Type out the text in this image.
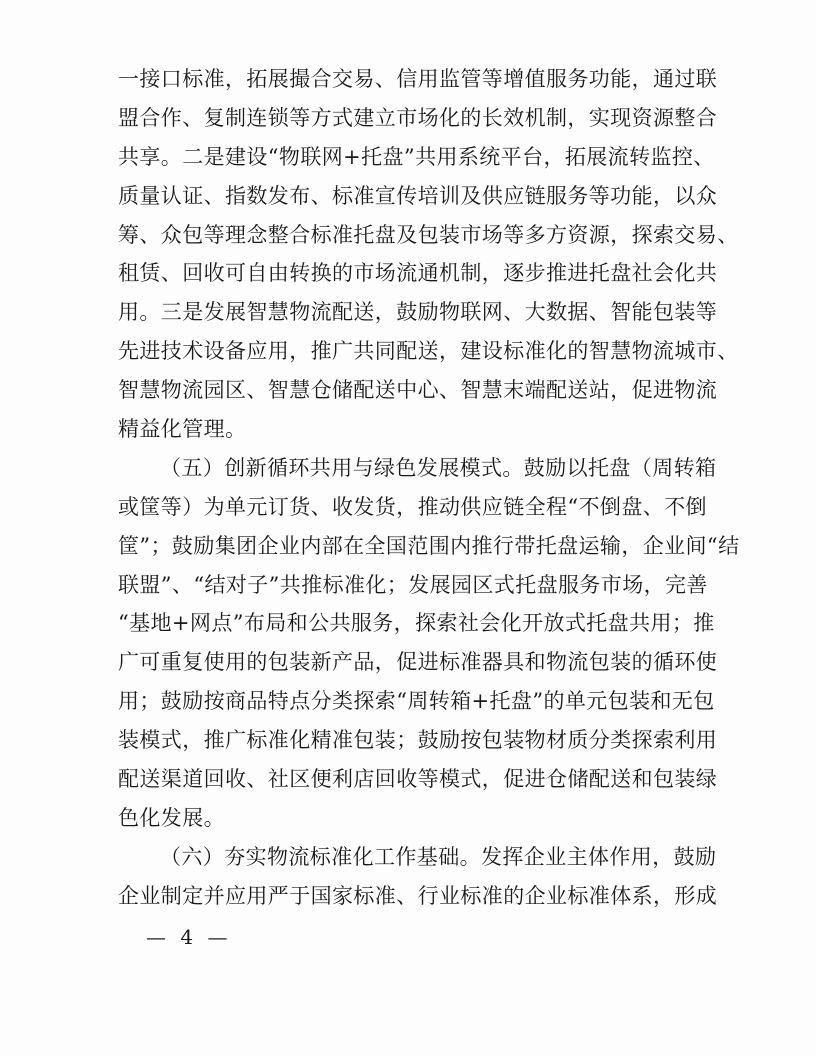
一接口标准，拓展撮合交易、信用监管等增值服务功能，通过联
盟合作、复制连锁等方式建立市场化的长效机制，实现资源整合
共享。二是建设“物联网+托盘”共用系统平台，拓展流转监控、
质量认证、指数发布、标准宣传培训及供应链服务等功能，以众
筹、众包等理念整合标准托盘及包装市场等多方资源，探索交易、
租赁、回收可自由转换的市场流通机制，逐步推进托盘社会化共
用。三是发展智慧物流配送，鼓励物联网、大数据、智能包装等
先进技术设备应用，推广共同配送，建设标准化的智慧物流城市、
智慧物流园区、智慧仓储配送中心、智慧末端配送站，促进物流
精益化管理。
（五）创新循环共用与绿色发展模式。鼓励以托盘（周转箱
或筐等）为单元订货、收发货，推动供应链全程“不倒盘、不倒
筐”；鼓励集团企业内部在全国范围内推行带托盘运输，企业间“结
联盟”、“结对子”共推标准化；发展园区式托盘服务市场，完善
“基地+网点”布局和公共服务，探索社会化开放式托盘共用；推
广可重复使用的包装新产品，促进标准器具和物流包装的循环使
用；鼓励按商品特点分类探索“周转箱+托盘”的单元包装和无包
装模式，推广标准化精准包装；鼓励按包装物材质分类探索利用
配送渠道回收、社区便利店回收等模式，促进仓储配送和包装绿
色化发展。
（六）夯实物流标准化工作基础。发挥企业主体作用，鼓励
企业制定并应用严于国家标准、行业标准的企业标准体系，形成
— 4 —
